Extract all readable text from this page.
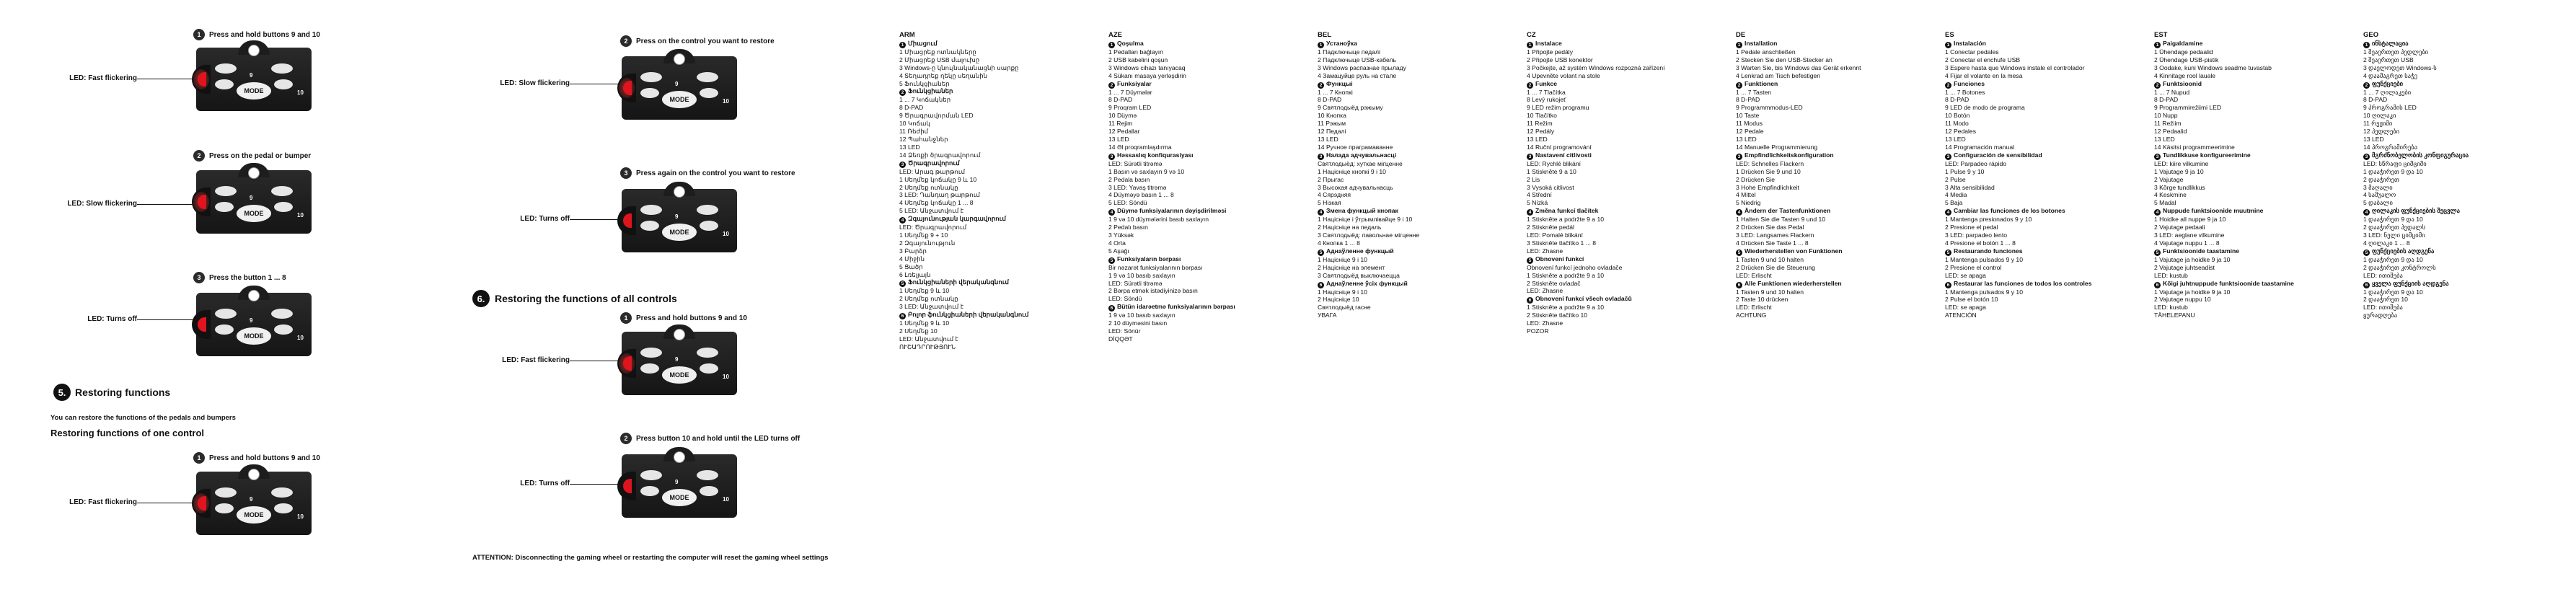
1	Press and hold buttons 9 and 10
LED: Fast flickering
MODE
9
10
2	Press on the pedal or bumper
LED: Slow flickering
MODE
9
10
3	Press the button 1 ... 8
LED: Turns off
MODE
9
10
5. Restoring functions
You can restore the functions of the pedals and bumpers
Restoring functions of one control
1	Press and hold buttons 9 and 10
LED: Fast flickering
MODE
9
10
2	Press on the control you want to restore
LED: Slow flickering
MODE
9
10
3	Press again on the control you want to restore
LED: Turns off
MODE
9
10
6. Restoring the functions of all controls
1	Press and hold buttons 9 and 10
LED: Fast flickering
MODE
9
10
2	Press button 10 and hold until the LED turns off
LED: Turns off
MODE
9
10
ATTENTION: Disconnecting the gaming wheel or restarting the computer will reset the gaming wheel settings
ARM
1 Միացում
1 Միացրեք ոտնակները
2 Միացրեք USB մալուխը
3 Windows-ը կնույնականացնի սարքը
4 Տեղադրեք ղեկը սեղանին
5 Ֆունկցիաներ
2 Ֆունկցիաներ
1 ... 7 Կոճակներ
8 D-PAD
9 Ծրագրավորման LED
10 Կոճակ
11 Ռեժիմ
12 Պահանջներ
13 LED
14 Ձեռքի ծրագրավորում
3 Ծրագրավորում
LED: Արագ թարթում
1 Սեղմեք կոճակը 9 և 10
2 Սեղմեք ոտնակը
3 LED: Դանդաղ թարթում
4 Սեղմեք կոճակը 1 ... 8
5 LED: Անջատվում է
4 Զգայունության կարգավորում
LED: Ծրագրավորում
1 Սեղմեք 9 + 10
2 Զգայունություն
3 Բարձր
4 Միջին
5 Ցածր
6 Լռելյայն
5 Ֆունկցիաների վերականգնում
1 Սեղմեք 9 և 10
2 Սեղմեք ոտնակը
3 LED: Անջատվում է
6 Բոլոր ֆունկցիաների վերականգնում
1 Սեղմեք 9 և 10
2 Սեղմեք 10
LED: Անջատվում է
ՈՒՇԱԴՐՈՒԹՅՈՒՆ
AZE
1 Qoşulma
1 Pedalları bağlayın
2 USB kabelini qoşun
3 Windows cihazı tanıyacaq
4 Sükanı masaya yerləşdirin
2 Funksiyalar
1 ... 7 Düymələr
8 D-PAD
9 Proqram LED
10 Düymə
11 Rejim
12 Pedallar
13 LED
14 Əl proqramlaşdırma
3 Həssaslıq konfiqurasiyası
LED: Sürətli titrəmə
1 Basın və saxlayın 9 və 10
2 Pedala basın
3 LED: Yavaş titrəmə
4 Düyməyə basın 1 ... 8
5 LED: Söndü
4 Düymə funksiyalarının dəyişdirilməsi
1 9 və 10 düymələrini basıb saxlayın
2 Pedalı basın
3 Yüksək
4 Orta
5 Aşağı
5 Funksiyaların bərpası
Bir nəzarət funksiyalarının bərpası
1 9 və 10 basıb saxlayın
LED: Sürətli titrəmə
2 Bərpa etmək istədiyinizə basın
LED: Söndü
6 Bütün idarəetmə funksiyalarının bərpası
1 9 və 10 basıb saxlayın
2 10 düyməsini basın
LED: Sönür
DİQQƏT
BEL
1 Устаноўка
1 Падключыце педалі
2 Падключыце USB-кабель
3 Windows распазнае прыладу
4 Замацуйце руль на стале
2 Функцыі
1 ... 7 Кнопкі
8 D-PAD
9 Святлодыёд рэжыму
10 Кнопка
11 Рэжым
12 Педалі
13 LED
14 Ручное праграмаванне
3 Налада адчувальнасці
Святлодыёд: хуткае мігценне
1 Націсніце кнопкі 9 і 10
2 Прыгас
3 Высокая адчувальнасць
4 Сярэдняя
5 Нізкая
4 Змена функцый кнопак
1 Націсніце і ўтрымлівайце 9 і 10
2 Націсніце на педаль
3 Святлодыёд: павольнае мігценне
4 Кнопка 1 ... 8
5 Аднаўленне функцый
1 Націсніце 9 і 10
2 Націсніце на элемент
3 Святлодыёд выключаецца
6 Аднаўленне ўсіх функцый
1 Націсніце 9 і 10
2 Націсніце 10
Святлодыёд гасне
УВАГА
CZ
1 Instalace
1 Připojte pedály
2 Připojte USB konektor
3 Počkejte, až systém Windows rozpozná zařízení
4 Upevněte volant na stole
2 Funkce
1 ... 7 Tlačítka
8 Levý rukojeť
9 LED režim programu
10 Tlačítko
11 Režim
12 Pedály
13 LED
14 Ruční programování
3 Nastavení citlivosti
LED: Rychlé blikání
1 Stiskněte 9 a 10
2 Lis
3 Vysoká citlivost
4 Střední
5 Nízká
4 Změna funkcí tlačítek
1 Stiskněte a podržte 9 a 10
2 Stiskněte pedál
LED: Pomalé blikání
3 Stiskněte tlačítko 1 ... 8
LED: Zhasne
5 Obnovení funkcí
Obnovení funkcí jednoho ovladače
1 Stiskněte a podržte 9 a 10
2 Stiskněte ovladač
LED: Zhasne
6 Obnovení funkcí všech ovladačů
1 Stiskněte a podržte 9 a 10
2 Stiskněte tlačítko 10
LED: Zhasne
POZOR
DE
1 Installation
1 Pedale anschließen
2 Stecken Sie den USB-Stecker an
3 Warten Sie, bis Windows das Gerät erkennt
4 Lenkrad am Tisch befestigen
2 Funktionen
1 ... 7 Tasten
8 D-PAD
9 Programmmodus-LED
10 Taste
11 Modus
12 Pedale
13 LED
14 Manuelle Programmierung
3 Empfindlichkeitskonfiguration
LED: Schnelles Flackern
1 Drücken Sie 9 und 10
2 Drücken Sie
3 Hohe Empfindlichkeit
4 Mittel
5 Niedrig
4 Ändern der Tastenfunktionen
1 Halten Sie die Tasten 9 und 10
2 Drücken Sie das Pedal
3 LED: Langsames Flackern
4 Drücken Sie Taste 1 ... 8
5 Wiederherstellen von Funktionen
1 Tasten 9 und 10 halten
2 Drücken Sie die Steuerung
LED: Erlischt
6 Alle Funktionen wiederherstellen
1 Tasten 9 und 10 halten
2 Taste 10 drücken
LED: Erlischt
ACHTUNG
ES
1 Instalación
1 Conectar pedales
2 Conectar el enchufe USB
3 Espere hasta que Windows instale el controlador
4 Fijar el volante en la mesa
2 Funciones
1 ... 7 Botones
8 D-PAD
9 LED de modo de programa
10 Botón
11 Modo
12 Pedales
13 LED
14 Programación manual
3 Configuración de sensibilidad
LED: Parpadeo rápido
1 Pulse 9 y 10
2 Pulse
3 Alta sensibilidad
4 Media
5 Baja
4 Cambiar las funciones de los botones
1 Mantenga presionados 9 y 10
2 Presione el pedal
3 LED: parpadeo lento
4 Presione el botón 1 ... 8
5 Restaurando funciones
1 Mantenga pulsados 9 y 10
2 Presione el control
LED: se apaga
6 Restaurar las funciones de todos los controles
1 Mantenga pulsados 9 y 10
2 Pulse el botón 10
LED: se apaga
ATENCIÓN
EST
1 Paigaldamine
1 Ühendage pedaalid
2 Ühendage USB-pistik
3 Oodake, kuni Windows seadme tuvastab
4 Kinnitage rool lauale
2 Funktsioonid
1 ... 7 Nupud
8 D-PAD
9 Programmirežiimi LED
10 Nupp
11 Režiim
12 Pedaalid
13 LED
14 Käsitsi programmeerimine
3 Tundlikkuse konfigureerimine
LED: kiire vilkumine
1 Vajutage 9 ja 10
2 Vajutage
3 Kõrge tundlikkus
4 Keskmine
5 Madal
4 Nuppude funktsioonide muutmine
1 Hoidke all nuppe 9 ja 10
2 Vajutage pedaali
3 LED: aeglane vilkumine
4 Vajutage nuppu 1 ... 8
5 Funktsioonide taastamine
1 Vajutage ja hoidke 9 ja 10
2 Vajutage juhtseadist
LED: kustub
6 Kõigi juhtnuppude funktsioonide taastamine
1 Vajutage ja hoidke 9 ja 10
2 Vajutage nuppu 10
LED: kustub
TÄHELEPANU
GEO
1 ინსტალაცია
1 შეაერთეთ პედლები
2 შეაერთეთ USB
3 დაელოდეთ Windows-ს
4 დაამაგრეთ საჭე
2 ფუნქციები
1 ... 7 ღილაკები
8 D-PAD
9 პროგრამის LED
10 ღილაკი
11 რეჟიმი
12 პედლები
13 LED
14 პროგრამირება
3 მგრძნობელობის კონფიგურაცია
LED: სწრაფი ციმციმი
1 დააჭირეთ 9 და 10
2 დააჭირეთ
3 მაღალი
4 საშუალო
5 დაბალი
4 ღილაკის ფუნქციების შეცვლა
1 დააჭირეთ 9 და 10
2 დააჭირეთ პედალს
3 LED: ნელი ციმციმი
4 ღილაკი 1 ... 8
5 ფუნქციების აღდგენა
1 დააჭირეთ 9 და 10
2 დააჭირეთ კონტროლს
LED: ითიშება
6 ყველა ფუნქციის აღდგენა
1 დააჭირეთ 9 და 10
2 დააჭირეთ 10
LED: ითიშება
ყურადღება
